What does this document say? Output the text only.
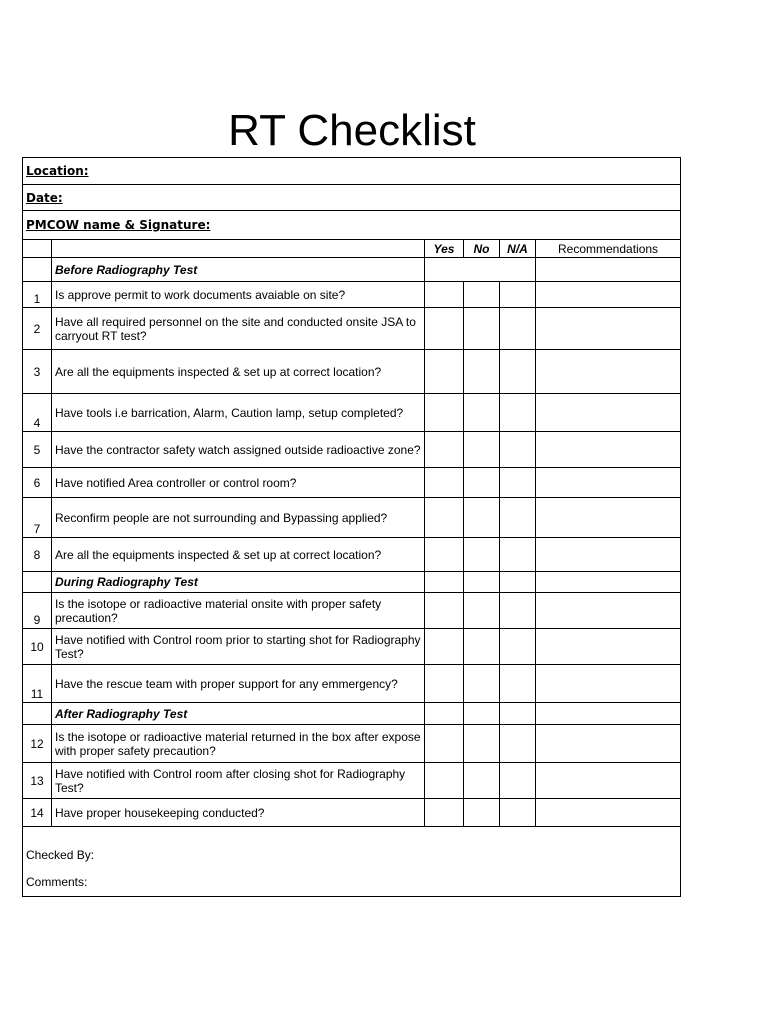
RT Checklist
Location:					
Date:					
PMCOW name & Signature:					
		Yes	No	N/A	Recommendations
	Before Radiography Test				
1	Is approve permit to work documents avaiable on site?				
2	Have all required personnel on the site and conducted onsite JSA to carryout RT test?				
3	Are all the equipments inspected & set up at correct location?				
4	Have tools i.e barrication, Alarm, Caution lamp, setup completed?				
5	Have the contractor safety watch assigned outside radioactive zone?				
6	Have notified Area controller or control room?				
7	Reconfirm people are not surrounding and Bypassing applied?				
8	Are all the equipments inspected & set up at correct location?				
	During Radiography Test				
9	Is the isotope or radioactive material onsite with proper safety precaution?				
10	Have notified with Control room prior to starting shot for Radiography Test?				
11	Have the rescue team with proper support for any emmergency?				
	After Radiography Test				
12	Is the isotope or radioactive material returned in the box after expose with proper safety precaution?				
13	Have notified with Control room after closing shot for Radiography Test?				
14	Have proper housekeeping conducted?				

Checked By:
Comments:					
